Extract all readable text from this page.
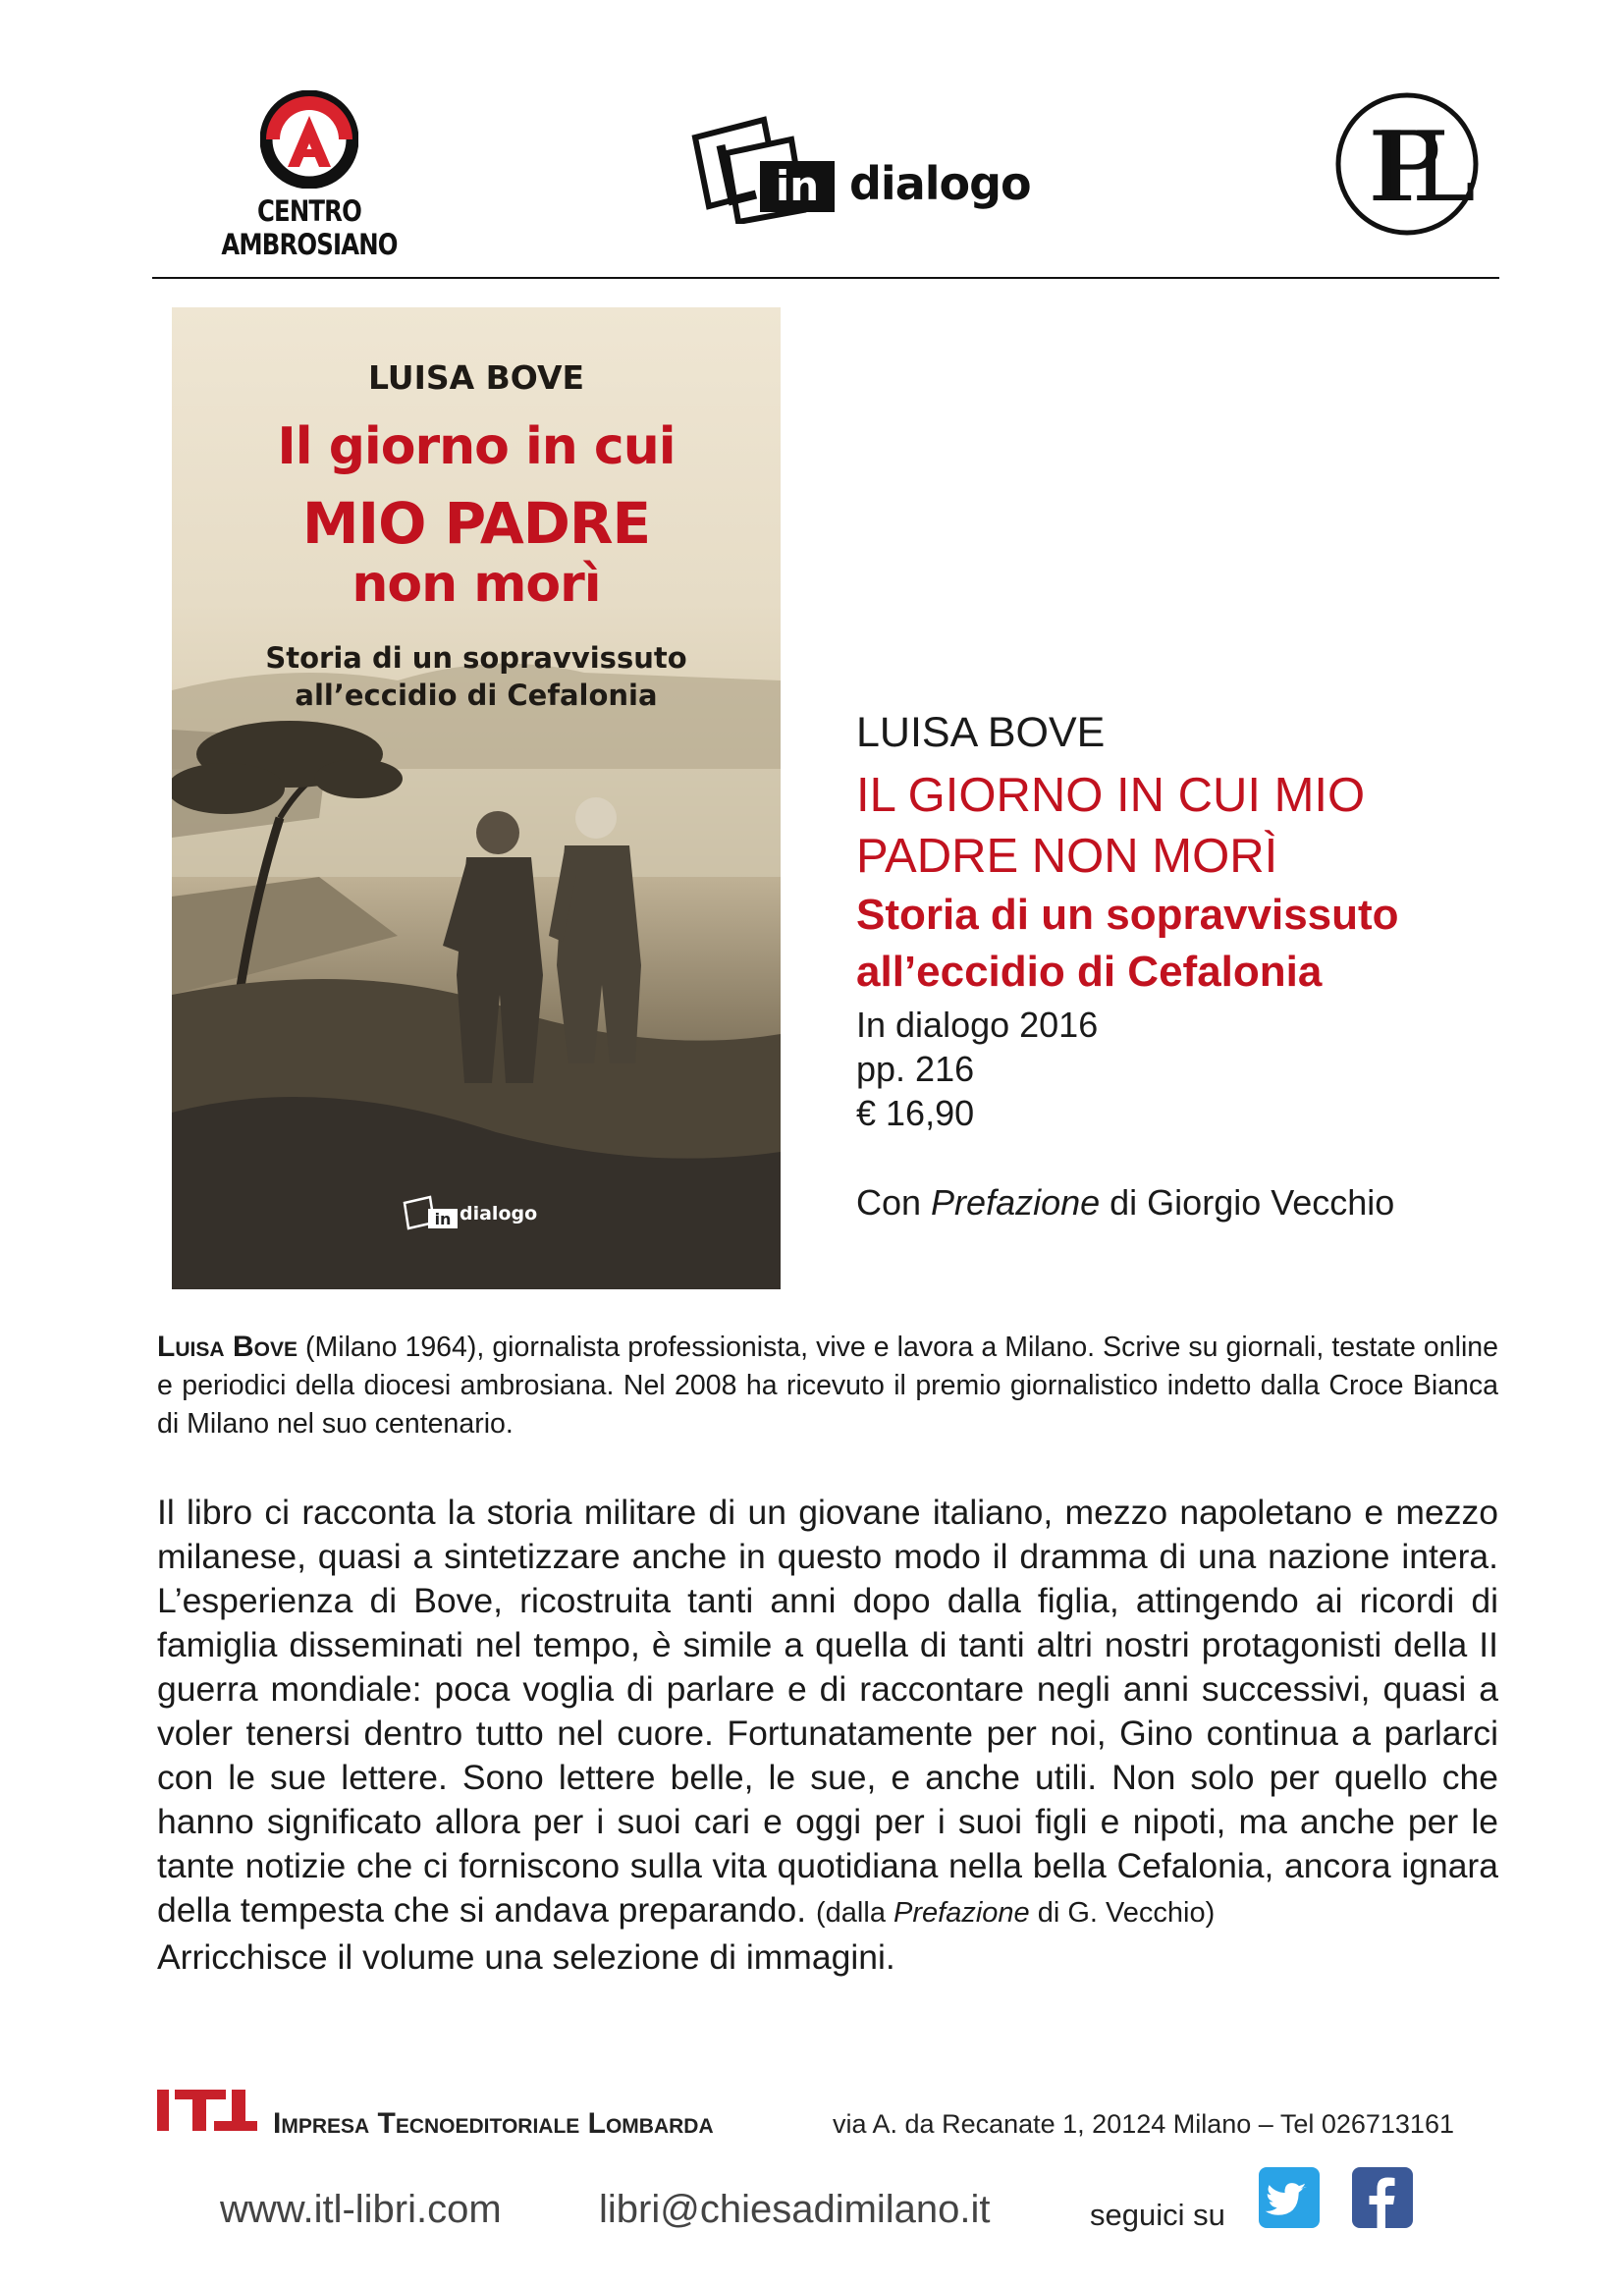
CENTRO AMBROSIANO
in dialogo	IPL
LUISA BOVE
Il giorno in cui
MIO PADRE
non morì
Storia di un sopravvissuto
all’eccidio di Cefalonia
in dialogo
LUISA BOVE
IL GIORNO IN CUI MIO
PADRE NON MORÌ
Storia di un sopravvissuto
all’eccidio di Cefalonia
In dialogo 2016
pp. 216
€ 16,90
Con Prefazione di Giorgio Vecchio
Luisa Bove (Milano 1964), giornalista professionista, vive e lavora a Milano. Scrive su giornali, testate online e periodici della diocesi ambrosiana. Nel 2008 ha ricevuto il premio giornalistico indetto dalla Croce Bianca di Milano nel suo centenario.
Il libro ci racconta la storia militare di un giovane italiano, mezzo napoletano e mezzo milanese, quasi a sintetizzare anche in questo modo il dramma di una nazione intera. L’esperienza di Bove, ricostruita tanti anni dopo dalla figlia, attingendo ai ricordi di famiglia disseminati nel tempo, è simile a quella di tanti altri nostri protagonisti della II guerra mondiale: poca voglia di parlare e di raccontare negli anni successivi, quasi a voler tenersi dentro tutto nel cuore. Fortunatamente per noi, Gino continua a parlarci con le sue lettere. Sono lettere belle, le sue, e anche utili. Non solo per quello che hanno significato allora per i suoi cari e oggi per i suoi figli e nipoti, ma anche per le tante notizie che ci forniscono sulla vita quotidiana nella bella Cefalonia, ancora ignara della tempesta che si andava preparando. (dalla Prefazione di G. Vecchio)
Arricchisce il volume una selezione di immagini.
Impresa Tecnoeditoriale Lombarda	via A. da Recanate 1, 20124 Milano – Tel 026713161
www.itl-libri.com libri@chiesadimilano.it	seguici su
